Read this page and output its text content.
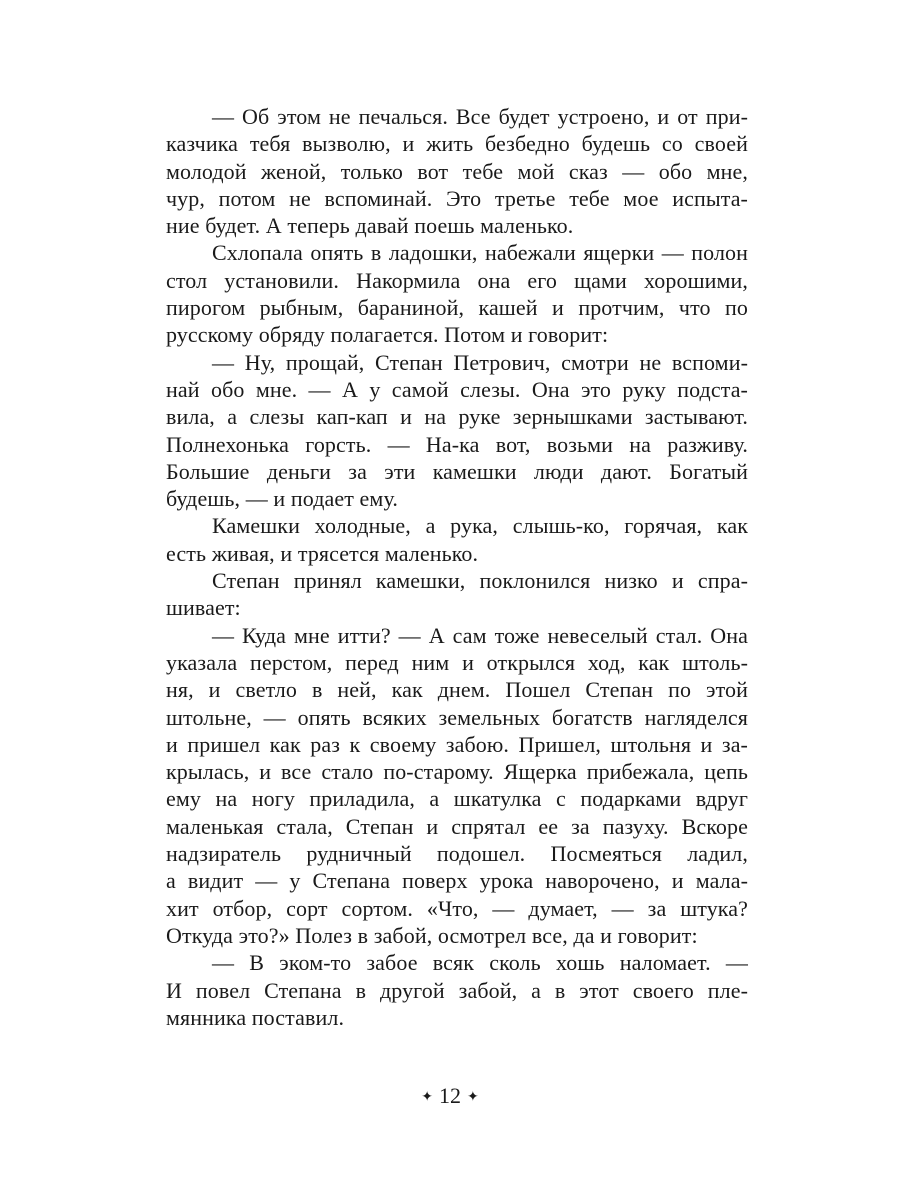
— Об этом не печалься. Все будет устроено, и от при-
казчика тебя вызволю, и жить безбедно будешь со своей
молодой женой, только вот тебе мой сказ — обо мне,
чур, потом не вспоминай. Это третье тебе мое испыта-
ние будет. А теперь давай поешь маленько.
Схлопала опять в ладошки, набежали ящерки — полон
стол установили. Накормила она его щами хорошими,
пирогом рыбным, бараниной, кашей и протчим, что по
русскому обряду полагается. Потом и говорит:
— Ну, прощай, Степан Петрович, смотри не вспоми-
най обо мне. — А у самой слезы. Она это руку подста-
вила, а слезы кап-кап и на руке зернышками застывают.
Полнехонька горсть. — На-ка вот, возьми на разживу.
Большие деньги за эти камешки люди дают. Богатый
будешь, — и подает ему.
Камешки холодные, а рука, слышь-ко, горячая, как
есть живая, и трясется маленько.
Степан принял камешки, поклонился низко и спра-
шивает:
— Куда мне итти? — А сам тоже невеселый стал. Она
указала перстом, перед ним и открылся ход, как штоль-
ня, и светло в ней, как днем. Пошел Степан по этой
штольне, — опять всяких земельных богатств нагляделся
и пришел как раз к своему забою. Пришел, штольня и за-
крылась, и все стало по-старому. Ящерка прибежала, цепь
ему на ногу приладила, а шкатулка с подарками вдруг
маленькая стала, Степан и спрятал ее за пазуху. Вскоре
надзиратель рудничный подошел. Посмеяться ладил,
а видит — у Степана поверх урока наворочено, и мала-
хит отбор, сорт сортом. «Что, — думает, — за штука?
Откуда это?» Полез в забой, осмотрел все, да и говорит:
— В эком-то забое всяк сколь хошь наломает. —
И повел Степана в другой забой, а в этот своего пле-
мянника поставил.
✦ 12 ✦
